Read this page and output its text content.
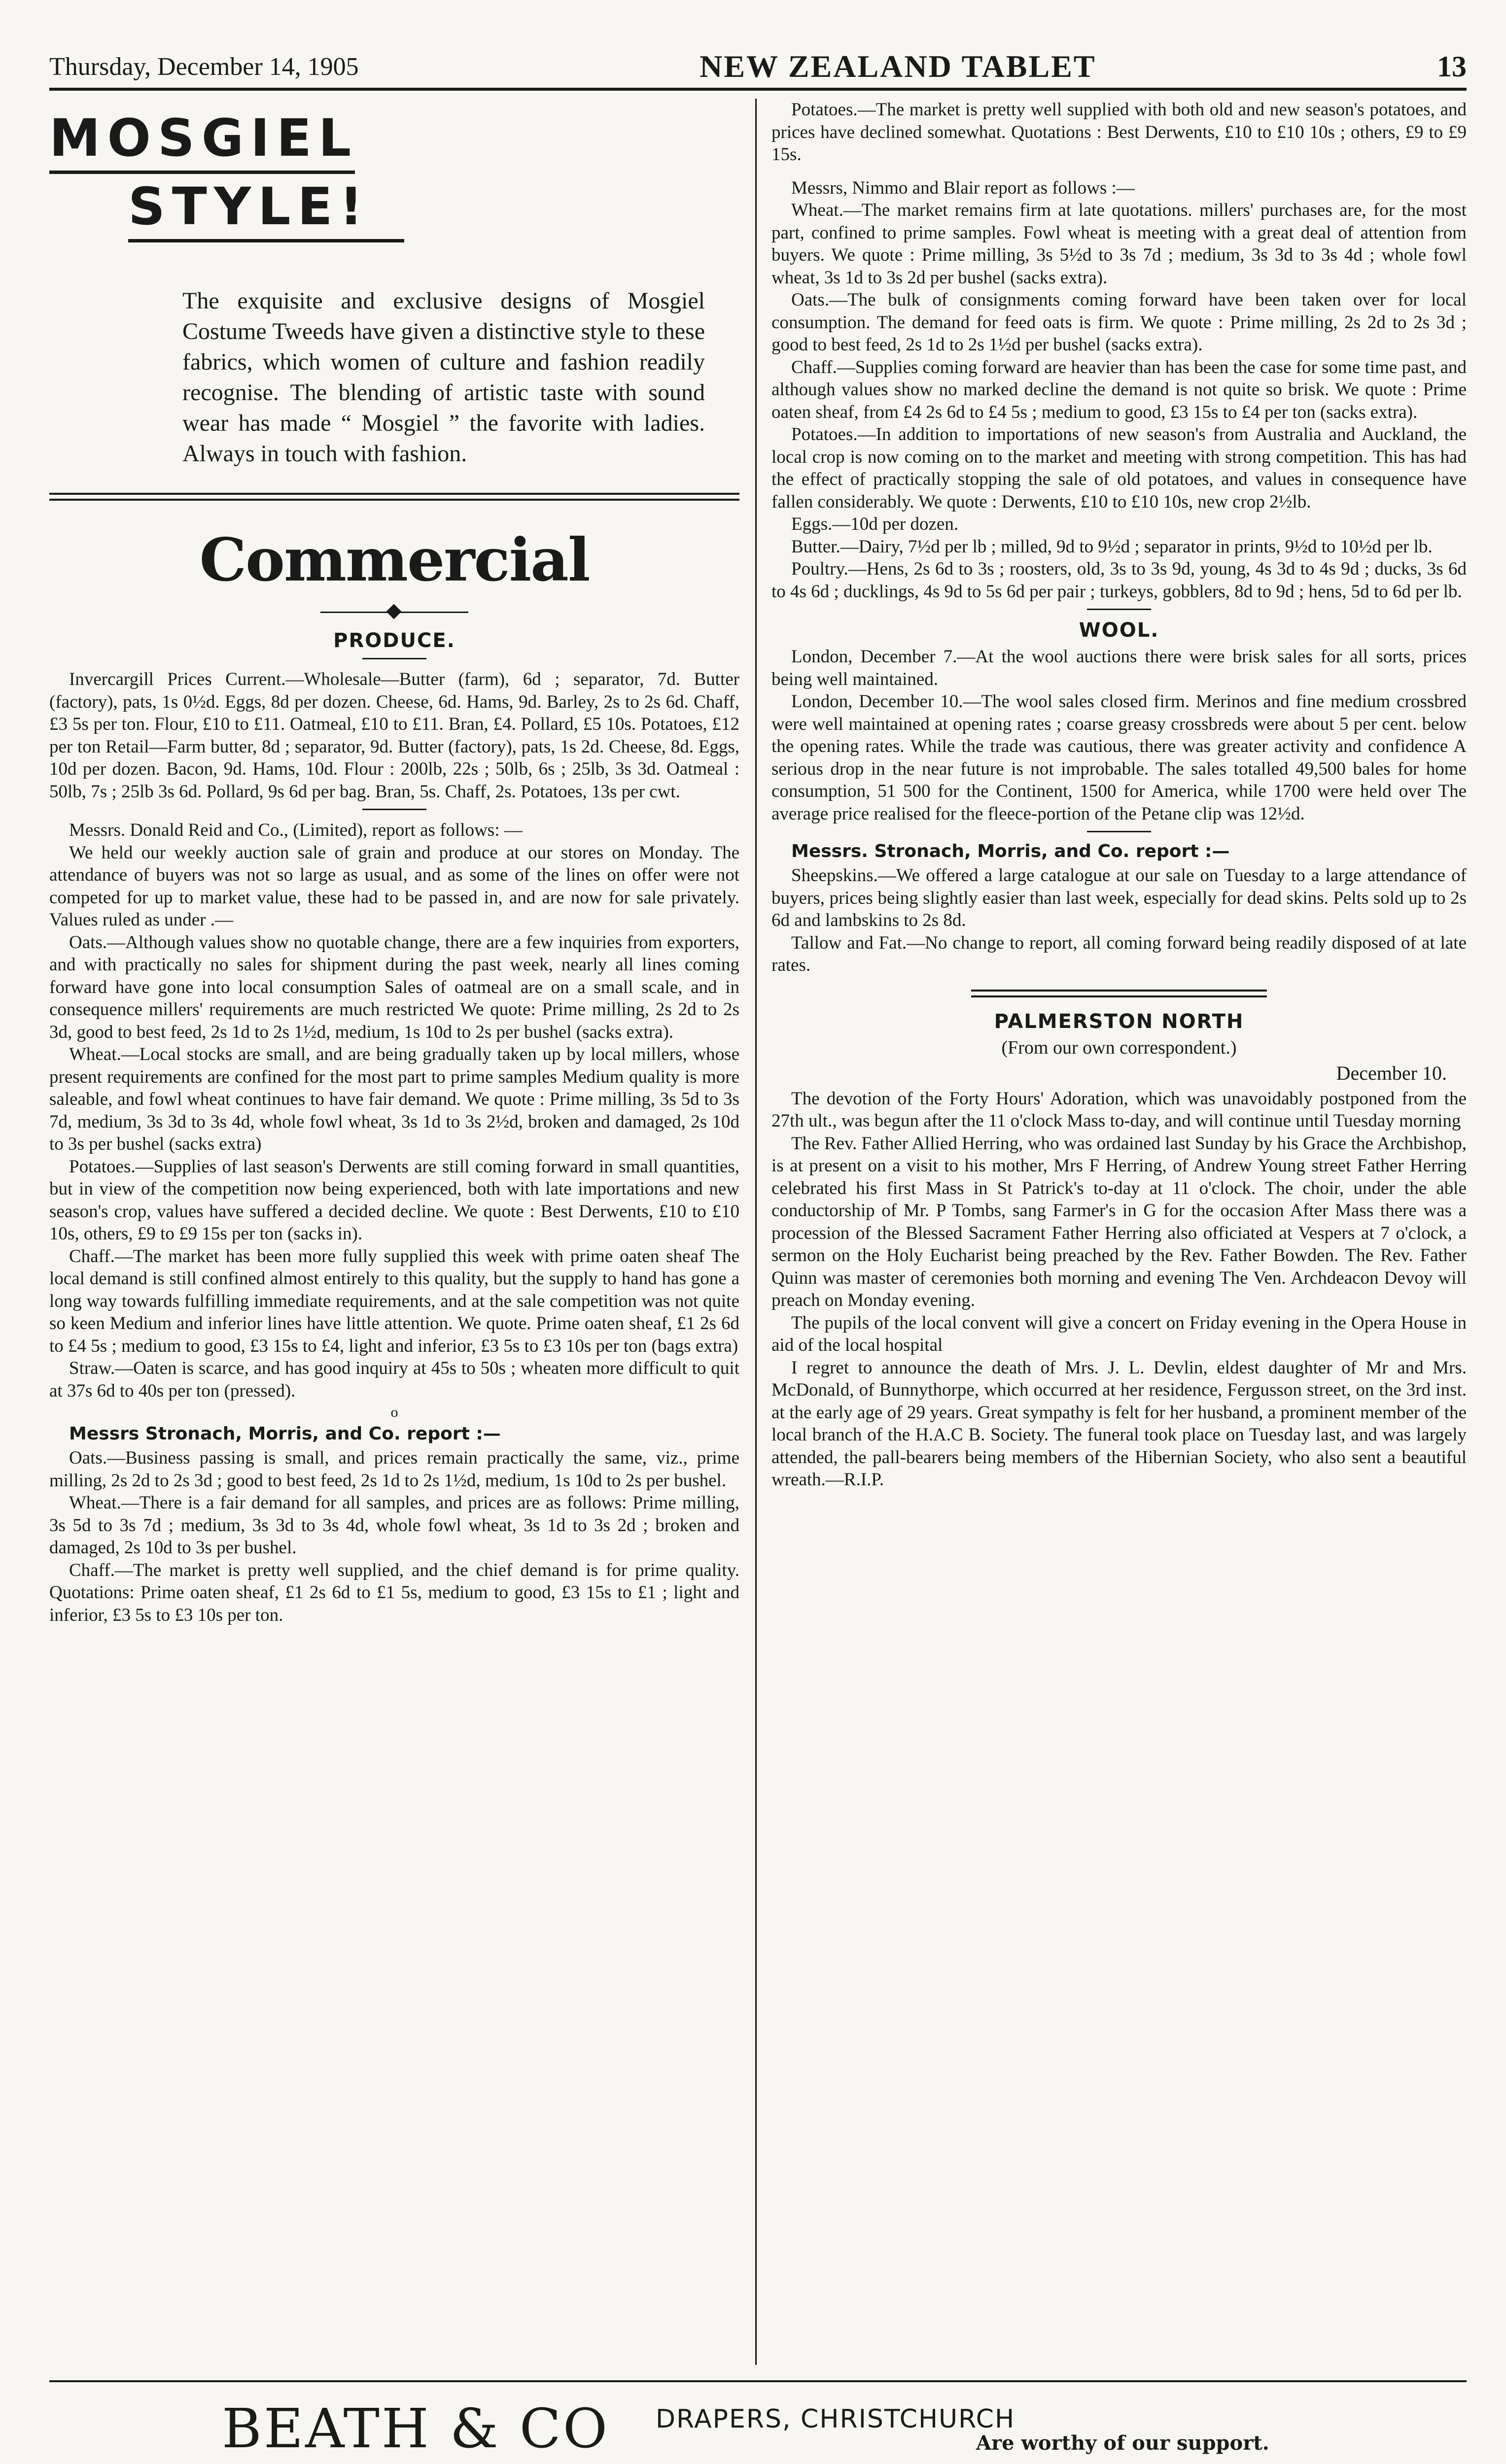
Thursday, December 14, 1905	NEW ZEALAND TABLET	13
MOSGIEL
STYLE!

The exquisite and exclusive designs of Mosgiel Costume Tweeds have given a distinctive style to these fabrics, which women of culture and fashion readily recognise. The blending of artistic taste with sound wear has made “ Mosgiel ” the favorite with ladies. Always in touch with fashion.

Commercial
PRODUCE.

Invercargill Prices Current.—Wholesale—Butter (farm), 6d ; separator, 7d. Butter (factory), pats, 1s 0½d. Eggs, 8d per dozen. Cheese, 6d. Hams, 9d. Barley, 2s to 2s 6d. Chaff, £3 5s per ton. Flour, £10 to £11. Oatmeal, £10 to £11. Bran, £4. Pollard, £5 10s. Potatoes, £12 per ton Retail—Farm butter, 8d ; separator, 9d. Butter (factory), pats, 1s 2d. Cheese, 8d. Eggs, 10d per dozen. Bacon, 9d. Hams, 10d. Flour : 200lb, 22s ; 50lb, 6s ; 25lb, 3s 3d. Oatmeal : 50lb, 7s ; 25lb 3s 6d. Pollard, 9s 6d per bag. Bran, 5s. Chaff, 2s. Potatoes, 13s per cwt.

Messrs. Donald Reid and Co., (Limited), report as follows: —

We held our weekly auction sale of grain and produce at our stores on Monday. The attendance of buyers was not so large as usual, and as some of the lines on offer were not competed for up to market value, these had to be passed in, and are now for sale privately. Values ruled as under .—

Oats.—Although values show no quotable change, there are a few inquiries from exporters, and with practically no sales for shipment during the past week, nearly all lines coming forward have gone into local consumption Sales of oatmeal are on a small scale, and in consequence millers' requirements are much restricted We quote: Prime milling, 2s 2d to 2s 3d, good to best feed, 2s 1d to 2s 1½d, medium, 1s 10d to 2s per bushel (sacks extra).

Wheat.—Local stocks are small, and are being gradually taken up by local millers, whose present requirements are confined for the most part to prime samples Medium quality is more saleable, and fowl wheat continues to have fair demand. We quote : Prime milling, 3s 5d to 3s 7d, medium, 3s 3d to 3s 4d, whole fowl wheat, 3s 1d to 3s 2½d, broken and damaged, 2s 10d to 3s per bushel (sacks extra)

Potatoes.—Supplies of last season's Derwents are still coming forward in small quantities, but in view of the competition now being experienced, both with late importations and new season's crop, values have suffered a decided decline. We quote : Best Derwents, £10 to £10 10s, others, £9 to £9 15s per ton (sacks in).

Chaff.—The market has been more fully supplied this week with prime oaten sheaf The local demand is still confined almost entirely to this quality, but the supply to hand has gone a long way towards fulfilling immediate requirements, and at the sale competition was not quite so keen Medium and inferior lines have little attention. We quote. Prime oaten sheaf, £1 2s 6d to £4 5s ; medium to good, £3 15s to £4, light and inferior, £3 5s to £3 10s per ton (bags extra)

Straw.—Oaten is scarce, and has good inquiry at 45s to 50s ; wheaten more difficult to quit at 37s 6d to 40s per ton (pressed).

o
Messrs Stronach, Morris, and Co. report :—

Oats.—Business passing is small, and prices remain practically the same, viz., prime milling, 2s 2d to 2s 3d ; good to best feed, 2s 1d to 2s 1½d, medium, 1s 10d to 2s per bushel.

Wheat.—There is a fair demand for all samples, and prices are as follows: Prime milling, 3s 5d to 3s 7d ; medium, 3s 3d to 3s 4d, whole fowl wheat, 3s 1d to 3s 2d ; broken and damaged, 2s 10d to 3s per bushel.

Chaff.—The market is pretty well supplied, and the chief demand is for prime quality. Quotations: Prime oaten sheaf, £1 2s 6d to £1 5s, medium to good, £3 15s to £1 ; light and inferior, £3 5s to £3 10s per ton.

Potatoes.—The market is pretty well supplied with both old and new season's potatoes, and prices have declined somewhat. Quotations : Best Derwents, £10 to £10 10s ; others, £9 to £9 15s.

Messrs, Nimmo and Blair report as follows :—

Wheat.—The market remains firm at late quotations. millers' purchases are, for the most part, confined to prime samples. Fowl wheat is meeting with a great deal of attention from buyers. We quote : Prime milling, 3s 5½d to 3s 7d ; medium, 3s 3d to 3s 4d ; whole fowl wheat, 3s 1d to 3s 2d per bushel (sacks extra).

Oats.—The bulk of consignments coming forward have been taken over for local consumption. The demand for feed oats is firm. We quote : Prime milling, 2s 2d to 2s 3d ; good to best feed, 2s 1d to 2s 1½d per bushel (sacks extra).

Chaff.—Supplies coming forward are heavier than has been the case for some time past, and although values show no marked decline the demand is not quite so brisk. We quote : Prime oaten sheaf, from £4 2s 6d to £4 5s ; medium to good, £3 15s to £4 per ton (sacks extra).

Potatoes.—In addition to importations of new season's from Australia and Auckland, the local crop is now coming on to the market and meeting with strong competition. This has had the effect of practically stopping the sale of old potatoes, and values in consequence have fallen considerably. We quote : Derwents, £10 to £10 10s, new crop 2½lb.

Eggs.—10d per dozen.

Butter.—Dairy, 7½d per lb ; milled, 9d to 9½d ; separator in prints, 9½d to 10½d per lb.

Poultry.—Hens, 2s 6d to 3s ; roosters, old, 3s to 3s 9d, young, 4s 3d to 4s 9d ; ducks, 3s 6d to 4s 6d ; ducklings, 4s 9d to 5s 6d per pair ; turkeys, gobblers, 8d to 9d ; hens, 5d to 6d per lb.

WOOL.

London, December 7.—At the wool auctions there were brisk sales for all sorts, prices being well maintained.

London, December 10.—The wool sales closed firm. Merinos and fine medium crossbred were well maintained at opening rates ; coarse greasy crossbreds were about 5 per cent. below the opening rates. While the trade was cautious, there was greater activity and confidence A serious drop in the near future is not improbable. The sales totalled 49,500 bales for home consumption, 51 500 for the Continent, 1500 for America, while 1700 were held over The average price realised for the fleece-portion of the Petane clip was 12½d.

Messrs. Stronach, Morris, and Co. report :—

Sheepskins.—We offered a large catalogue at our sale on Tuesday to a large attendance of buyers, prices being slightly easier than last week, especially for dead skins. Pelts sold up to 2s 6d and lambskins to 2s 8d.

Tallow and Fat.—No change to report, all coming forward being readily disposed of at late rates.

PALMERSTON NORTH
(From our own correspondent.)
December 10.

The devotion of the Forty Hours' Adoration, which was unavoidably postponed from the 27th ult., was begun after the 11 o'clock Mass to-day, and will continue until Tuesday morning

The Rev. Father Allied Herring, who was ordained last Sunday by his Grace the Archbishop, is at present on a visit to his mother, Mrs F Herring, of Andrew Young street Father Herring celebrated his first Mass in St Patrick's to-day at 11 o'clock. The choir, under the able conductorship of Mr. P Tombs, sang Farmer's in G for the occasion After Mass there was a procession of the Blessed Sacrament Father Herring also officiated at Vespers at 7 o'clock, a sermon on the Holy Eucharist being preached by the Rev. Father Bowden. The Rev. Father Quinn was master of ceremonies both morning and evening The Ven. Archdeacon Devoy will preach on Monday evening.

The pupils of the local convent will give a concert on Friday evening in the Opera House in aid of the local hospital

I regret to announce the death of Mrs. J. L. Devlin, eldest daughter of Mr and Mrs. McDonald, of Bunnythorpe, which occurred at her residence, Fergusson street, on the 3rd inst. at the early age of 29 years. Great sympathy is felt for her husband, a prominent member of the local branch of the H.A.C B. Society. The funeral took place on Tuesday last, and was largely attended, the pall-bearers being members of the Hibernian Society, who also sent a beautiful wreath.—R.I.P.

BEATH & CO DRAPERS, CHRISTCHURCH
Are worthy of our support.
